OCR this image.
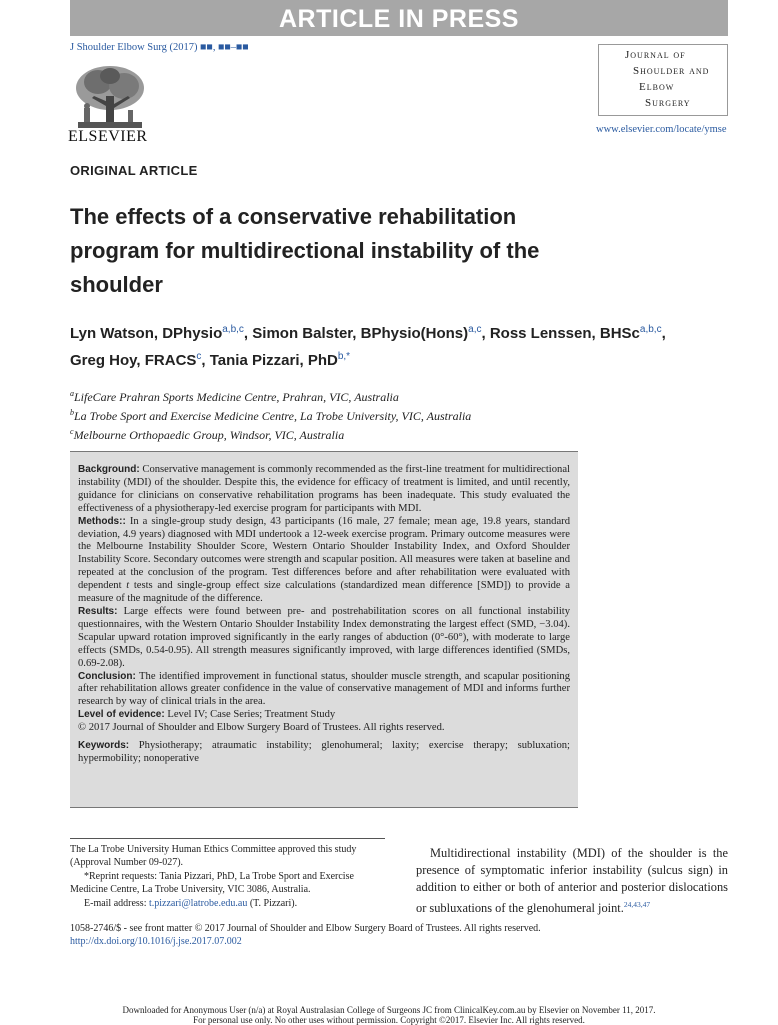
ARTICLE IN PRESS
J Shoulder Elbow Surg (2017) ■■, ■■–■■
ELSEVIER
Journal of
Shoulder and
Elbow
Surgery
www.elsevier.com/locate/ymse
ORIGINAL ARTICLE
The effects of a conservative rehabilitation program for multidirectional instability of the shoulder
Lyn Watson, DPhysio$^{a,b,c}$, Simon Balster, BPhysio(Hons)$^{a,c}$, Ross Lenssen, BHSc$^{a,b,c}$,
Greg Hoy, FRACS$^c$, Tania Pizzari, PhD$^{b,*}$
$^a$LifeCare Prahran Sports Medicine Centre, Prahran, VIC, Australia
$^b$La Trobe Sport and Exercise Medicine Centre, La Trobe University, VIC, Australia
$^c$Melbourne Orthopaedic Group, Windsor, VIC, Australia

Background: Conservative management is commonly recommended as the first-line treatment for multidirectional instability (MDI) of the shoulder. Despite this, the evidence for efficacy of treatment is limited, and until recently, guidance for clinicians on conservative rehabilitation programs has been inadequate. This study evaluated the effectiveness of a physiotherapy-led exercise program for participants with MDI.

Methods:: In a single-group study design, 43 participants (16 male, 27 female; mean age, 19.8 years, standard deviation, 4.9 years) diagnosed with MDI undertook a 12-week exercise program. Primary outcome measures were the Melbourne Instability Shoulder Score, Western Ontario Shoulder Instability Index, and Oxford Shoulder Instability Score. Secondary outcomes were strength and scapular position. All measures were taken at baseline and repeated at the conclusion of the program. Test differences before and after rehabilitation were evaluated with dependent t tests and single-group effect size calculations (standardized mean difference [SMD]) to provide a measure of the magnitude of the difference.

Results: Large effects were found between pre- and postrehabilitation scores on all functional instability questionnaires, with the Western Ontario Shoulder Instability Index demonstrating the largest effect (SMD, −3.04). Scapular upward rotation improved significantly in the early ranges of abduction (0°-60°), with moderate to large effects (SMDs, 0.54-0.95). All strength measures significantly improved, with large differences identified (SMDs, 0.69-2.08).

Conclusion: The identified improvement in functional status, shoulder muscle strength, and scapular positioning after rehabilitation allows greater confidence in the value of conservative management of MDI and informs further research by way of clinical trials in the area.

Level of evidence: Level IV; Case Series; Treatment Study

© 2017 Journal of Shoulder and Elbow Surgery Board of Trustees. All rights reserved.

Keywords: Physiotherapy; atraumatic instability; glenohumeral; laxity; exercise therapy; subluxation; hypermobility; nonoperative

The La Trobe University Human Ethics Committee approved this study (Approval Number 09-027).

*Reprint requests: Tania Pizzari, PhD, La Trobe Sport and Exercise Medicine Centre, La Trobe University, VIC 3086, Australia.

E-mail address: t.pizzari@latrobe.edu.au (T. Pizzari).

Multidirectional instability (MDI) of the shoulder is the presence of symptomatic inferior instability (sulcus sign) in addition to either or both of anterior and posterior dislocations or subluxations of the glenohumeral joint.$^{24,43,47}$
1058-2746/$ - see front matter © 2017 Journal of Shoulder and Elbow Surgery Board of Trustees. All rights reserved.
http://dx.doi.org/10.1016/j.jse.2017.07.002
Downloaded for Anonymous User (n/a) at Royal Australasian College of Surgeons JC from ClinicalKey.com.au by Elsevier on November 11, 2017.
For personal use only. No other uses without permission. Copyright ©2017. Elsevier Inc. All rights reserved.
